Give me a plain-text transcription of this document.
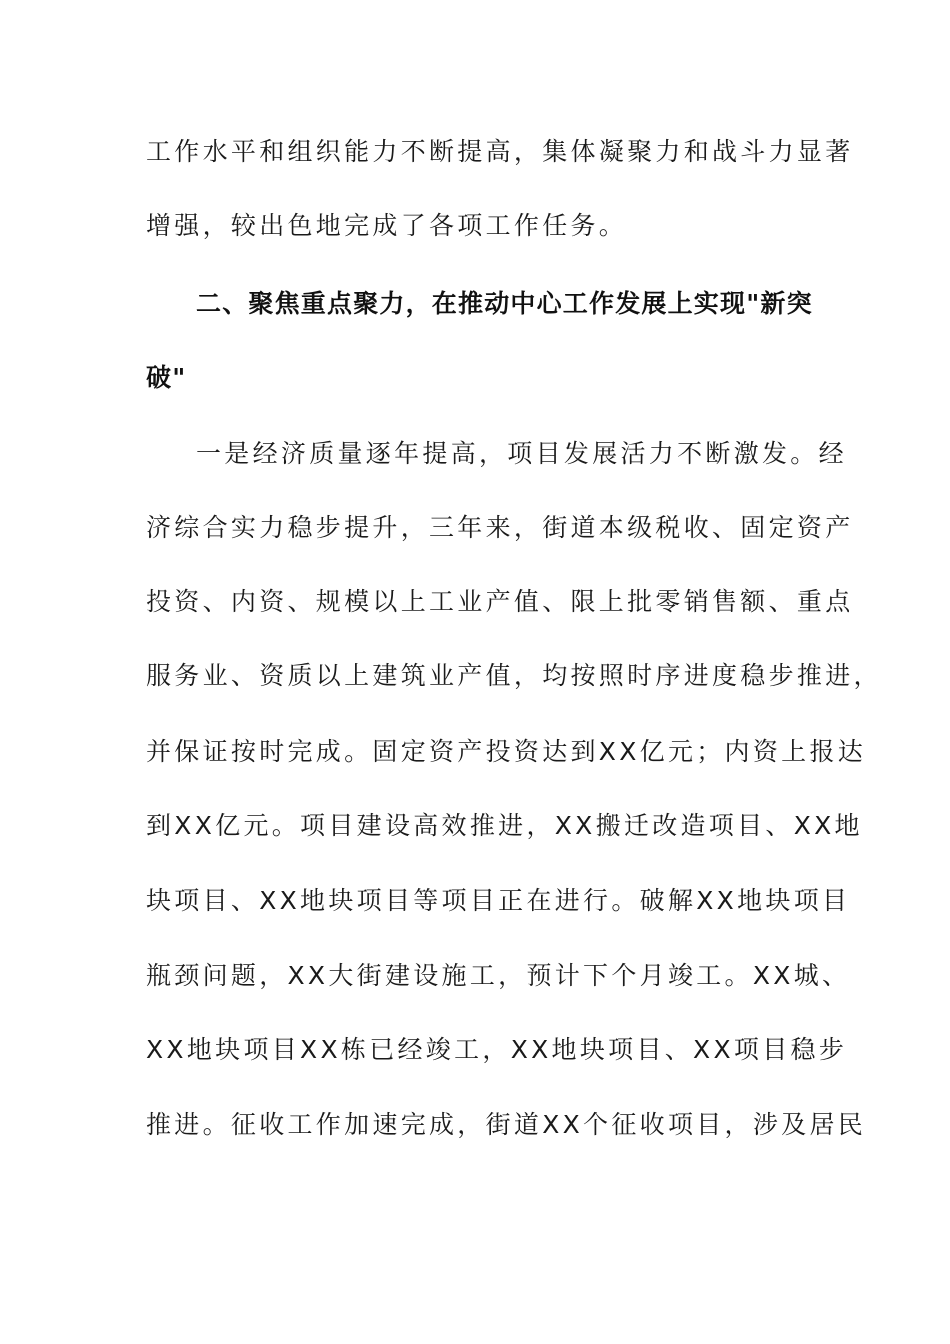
工作水平和组织能力不断提高，集体凝聚力和战斗力显著
增强，较出色地完成了各项工作任务。
二、聚焦重点聚力，在推动中心工作发展上实现"新突
破"
一是经济质量逐年提高，项目发展活力不断激发。经
济综合实力稳步提升，三年来，街道本级税收、固定资产
投资、内资、规模以上工业产值、限上批零销售额、重点
服务业、资质以上建筑业产值，均按照时序进度稳步推进，
并保证按时完成。固定资产投资达到XX亿元；内资上报达
到XX亿元。项目建设高效推进，XX搬迁改造项目、XX地
块项目、XX地块项目等项目正在进行。破解XX地块项目
瓶颈问题，XX大街建设施工，预计下个月竣工。XX城、
XX地块项目XX栋已经竣工，XX地块项目、XX项目稳步
推进。征收工作加速完成，街道XX个征收项目，涉及居民
